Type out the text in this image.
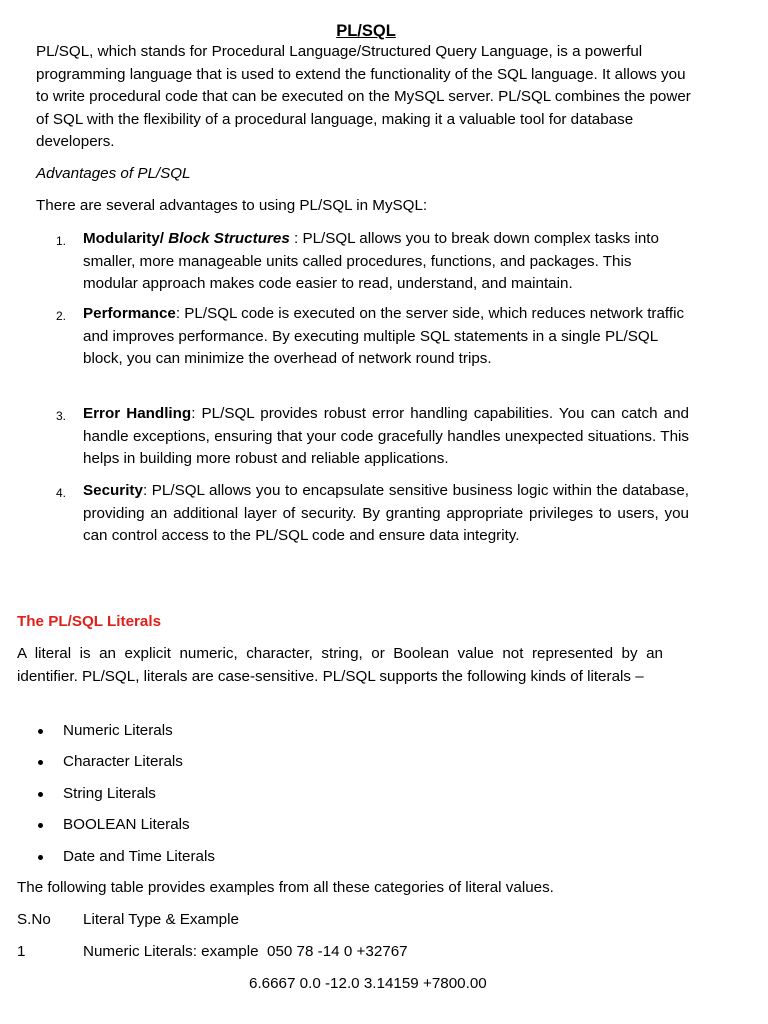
PL/SQL

PL/SQL, which stands for Procedural Language/Structured Query Language, is a powerful programming language that is used to extend the functionality of the SQL language. It allows you to write procedural code that can be executed on the MySQL server. PL/SQL combines the power of SQL with the flexibility of a procedural language, making it a valuable tool for database developers.

Advantages of PL/SQL

There are several advantages to using PL/SQL in MySQL:

1. Modularity/ Block Structures : PL/SQL allows you to break down complex tasks into smaller, more manageable units called procedures, functions, and packages. This modular approach makes code easier to read, understand, and maintain.
2. Performance: PL/SQL code is executed on the server side, which reduces network traffic and improves performance. By executing multiple SQL statements in a single PL/SQL block, you can minimize the overhead of network round trips.
3. Error Handling: PL/SQL provides robust error handling capabilities. You can catch and handle exceptions, ensuring that your code gracefully handles unexpected situations. This helps in building more robust and reliable applications.
4. Security: PL/SQL allows you to encapsulate sensitive business logic within the database, providing an additional layer of security. By granting appropriate privileges to users, you can control access to the PL/SQL code and ensure data integrity.
The PL/SQL Literals

A literal is an explicit numeric, character, string, or Boolean value not represented by an identifier. PL/SQL, literals are case-sensitive. PL/SQL supports the following kinds of literals –

Numeric Literals
Character Literals
String Literals
BOOLEAN Literals
Date and Time Literals

The following table provides examples from all these categories of literal values.

S.No Literal Type & Example
1	Numeric Literals: example  050 78 -14 0 +32767
6.6667 0.0 -12.0 3.14159 +7800.00
